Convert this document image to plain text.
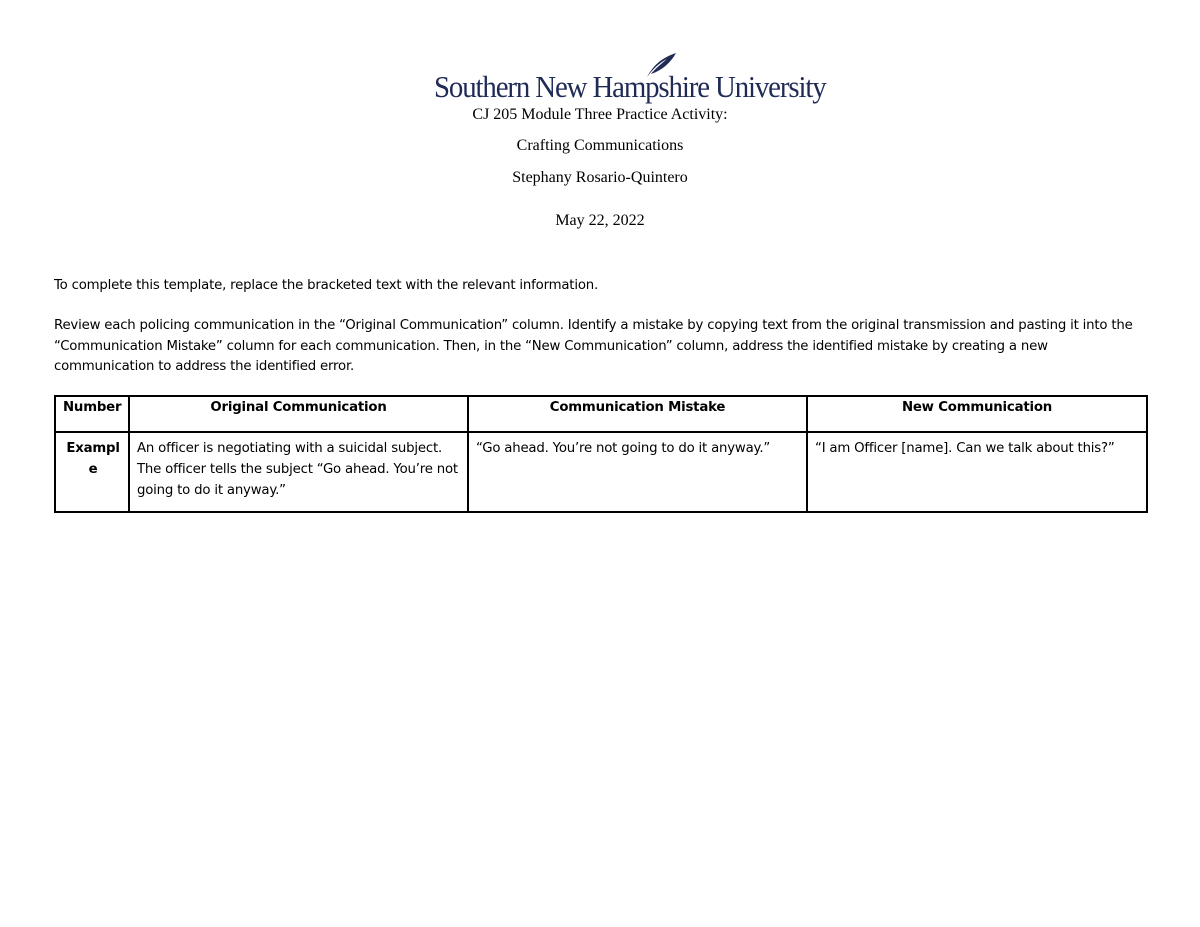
Southern New Hampshire University
CJ 205 Module Three Practice Activity:
Crafting Communications
Stephany Rosario-Quintero
May 22, 2022
To complete this template, replace the bracketed text with the relevant information.
Review each policing communication in the “Original Communication” column. Identify a mistake by copying text from the original transmission and pasting it into the “Communication Mistake” column for each communication. Then, in the “New Communication” column, address the identified mistake by creating a new communication to address the identified error.
Number	Original Communication	Communication Mistake	New Communication
Example	An officer is negotiating with a suicidal subject. The officer tells the subject “Go ahead. You’re not going to do it anyway.”	“Go ahead. You’re not going to do it anyway.”	“I am Officer [name]. Can we talk about this?”
